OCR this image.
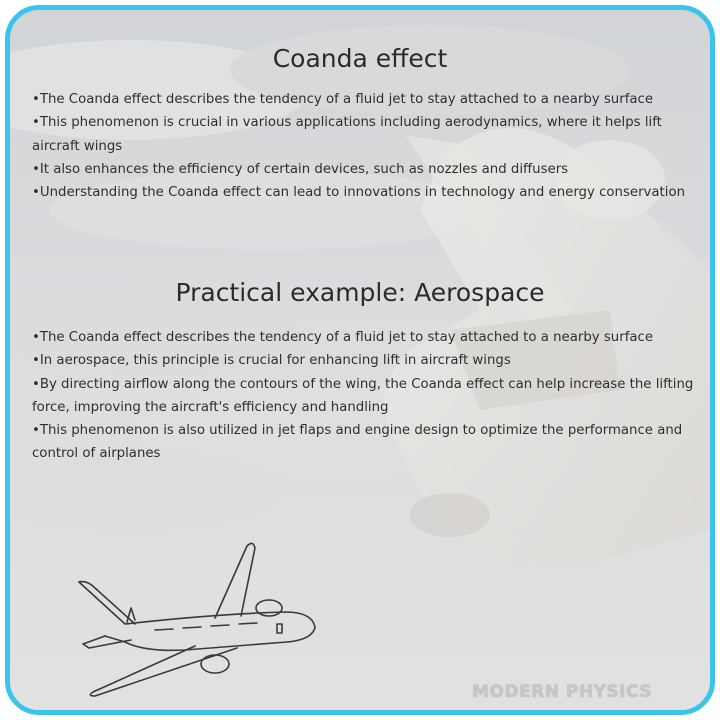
Coanda effect
• The Coanda effect describes the tendency of a fluid jet to stay attached to a nearby surface
• This phenomenon is crucial in various applications including aerodynamics, where it helps lift aircraft wings
• It also enhances the efficiency of certain devices, such as nozzles and diffusers
• Understanding the Coanda effect can lead to innovations in technology and energy conservation
Practical example: Aerospace
• The Coanda effect describes the tendency of a fluid jet to stay attached to a nearby surface
• In aerospace, this principle is crucial for enhancing lift in aircraft wings
• By directing airflow along the contours of the wing, the Coanda effect can help increase the lifting force, improving the aircraft's efficiency and handling
• This phenomenon is also utilized in jet flaps and engine design to optimize the performance and control of airplanes
MODERN PHYSICS
